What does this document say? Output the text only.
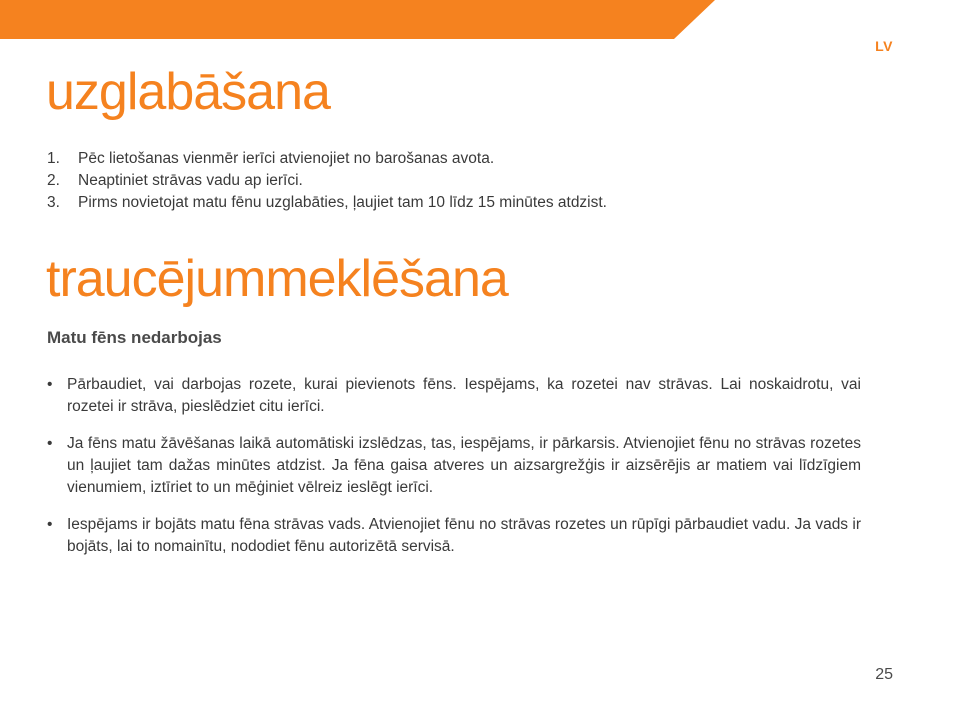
LV
uzglabāšana
1. Pēc lietošanas vienmēr ierīci atvienojiet no barošanas avota.
2. Neaptiniet strāvas vadu ap ierīci.
3. Pirms novietojat matu fēnu uzglabāties, ļaujiet tam 10 līdz 15 minūtes atdzist.
traucējummeklēšana
Matu fēns nedarbojas
• Pārbaudiet, vai darbojas rozete, kurai pievienots fēns. Iespējams, ka rozetei nav strāvas. Lai noskaidrotu, vai rozetei ir strāva, pieslēdziet citu ierīci.
• Ja fēns matu žāvēšanas laikā automātiski izslēdzas, tas, iespējams, ir pārkarsis. Atvienojiet fēnu no strāvas rozetes un ļaujiet tam dažas minūtes atdzist. Ja fēna gaisa atveres un aizsargrežģis ir aizsērējis ar matiem vai līdzīgiem vienumiem, iztīriet to un mēģiniet vēlreiz ieslēgt ierīci.
• Iespējams ir bojāts matu fēna strāvas vads. Atvienojiet fēnu no strāvas rozetes un rūpīgi pārbaudiet vadu. Ja vads ir bojāts, lai to nomainītu, nododiet fēnu autorizētā servisā.
25
